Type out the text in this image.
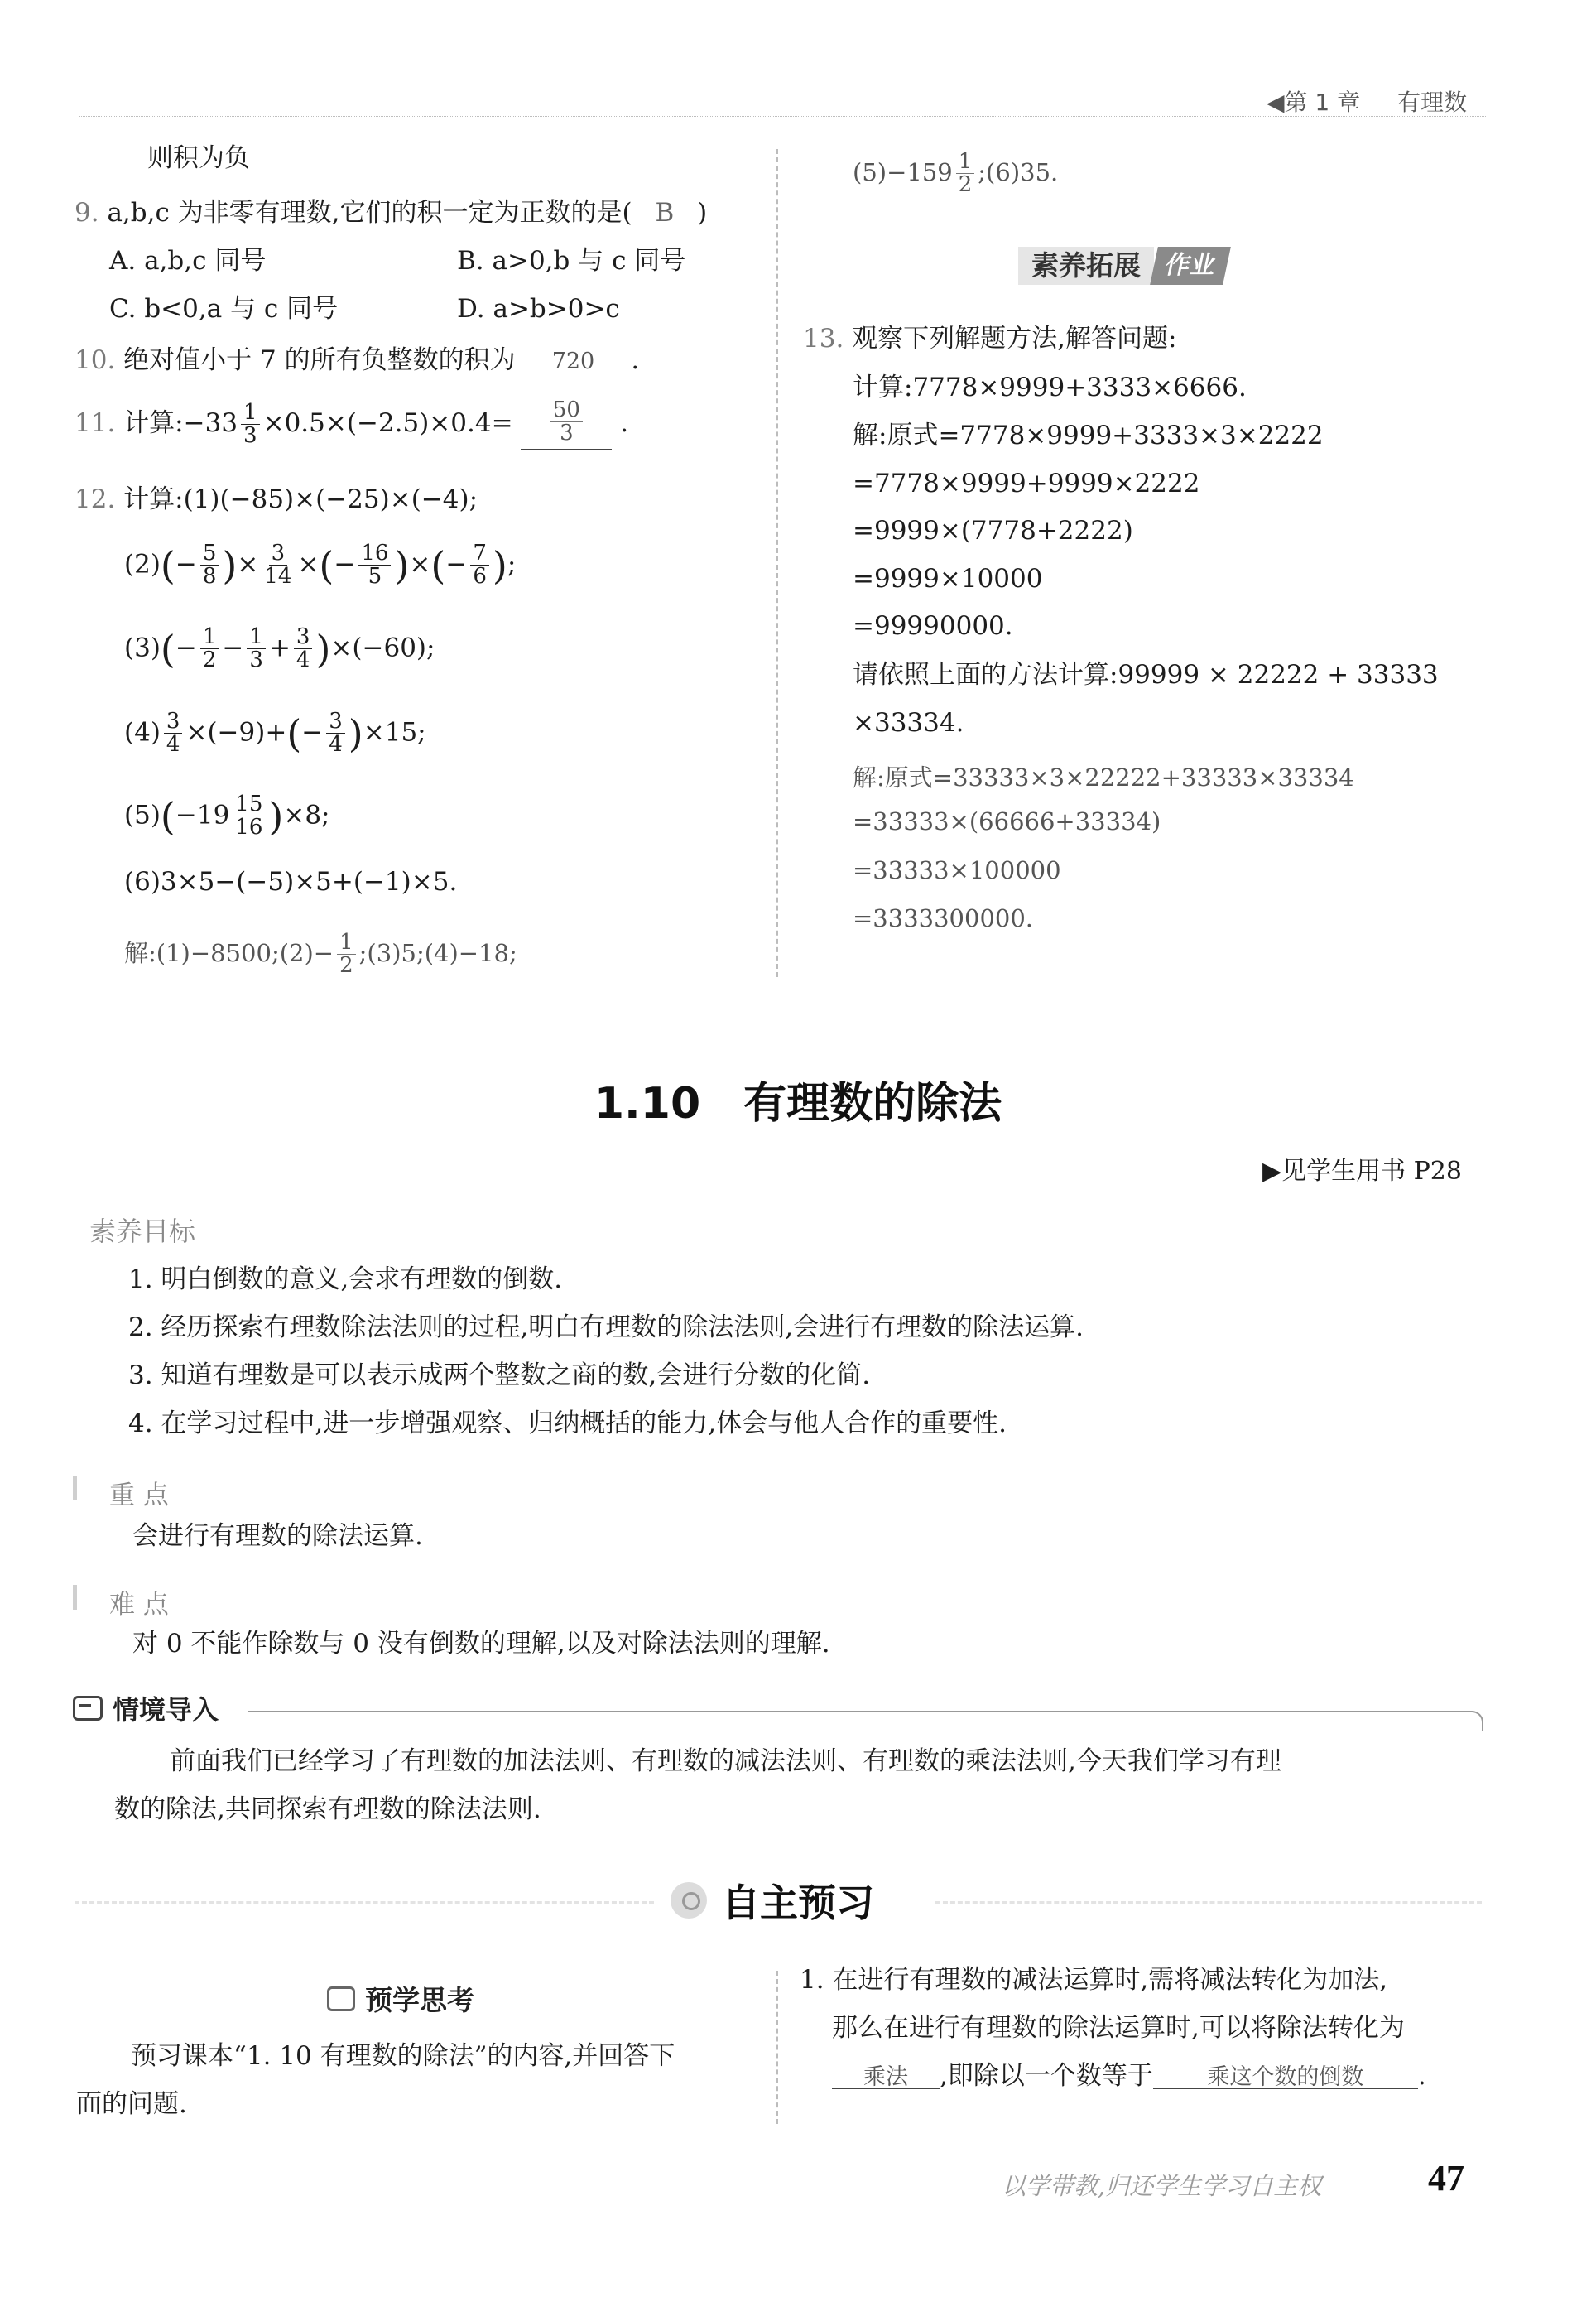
◀第 1 章 有理数
则积为负
9. a,b,c 为非零有理数,它们的积一定为正数的是( B )
A. a,b,c 同号	B. a>0,b 与 c 同号
C. b<0,a 与 c 同号	D. a>b>0>c
10. 绝对值小于 7 的所有负整数的积为 720 .
11. 计算:−33 $\frac{1}{3} \times 0.5\times(-2.5)\times 0.4= \frac{50}{3}$ .
12. 计算:(1)(−85)×(−25)×(−4);
$(2)(- \frac{5}{8}$ )× $\frac{3}{14}$ ×(− $\frac{16}{5}$ )×(− $\frac{7}{6}$ );
$(3)(- \frac{1}{2} - \frac{1}{3} + \frac{3}{4} )\times(-60)$;
$(4) \frac{3}{4} \times(-9)+(- \frac{3}{4} )\times 15$;
$(5)(-19 \frac{15}{16} )\times 8$;
(6)3×5−(−5)×5+(−1)×5.
解:(1)−8500;(2)− $\frac{1}{2}$ ;(3)5;(4)−18;
$(5)-159 \frac{1}{2}$ ;(6)35.
素养拓展 作业
13. 观察下列解题方法,解答问题:
计算:7778×9999+3333×6666.
解:原式=7778×9999+3333×3×2222
=7778×9999+9999×2222
=9999×(7778+2222)
=9999×10000
=99990000.
请依照上面的方法计算:99999 × 22222 + 33333
×33334.
解:原式=33333×3×22222+33333×33334
=33333×(66666+33334)
=33333×100000
=3333300000.
1.10　有理数的除法
▶见学生用书 P28
素养目标
1. 明白倒数的意义,会求有理数的倒数.
2. 经历探索有理数除法法则的过程,明白有理数的除法法则,会进行有理数的除法运算.
3. 知道有理数是可以表示成两个整数之商的数,会进行分数的化简.
4. 在学习过程中,进一步增强观察、归纳概括的能力,体会与他人合作的重要性.
重 点
会进行有理数的除法运算.
难 点
对 0 不能作除数与 0 没有倒数的理解,以及对除法法则的理解.
情境导入
前面我们已经学习了有理数的加法法则、有理数的减法法则、有理数的乘法法则,今天我们学习有理
数的除法,共同探索有理数的除法法则.
自主预习
预学思考
预习课本“1. 10 有理数的除法”的内容,并回答下
面的问题.
1. 在进行有理数的减法运算时,需将减法转化为加法,
那么在进行有理数的除法运算时,可以将除法转化为
乘法 ,即除以一个数等于 乘这个数的倒数 .
以学带教,归还学生学习自主权	47
